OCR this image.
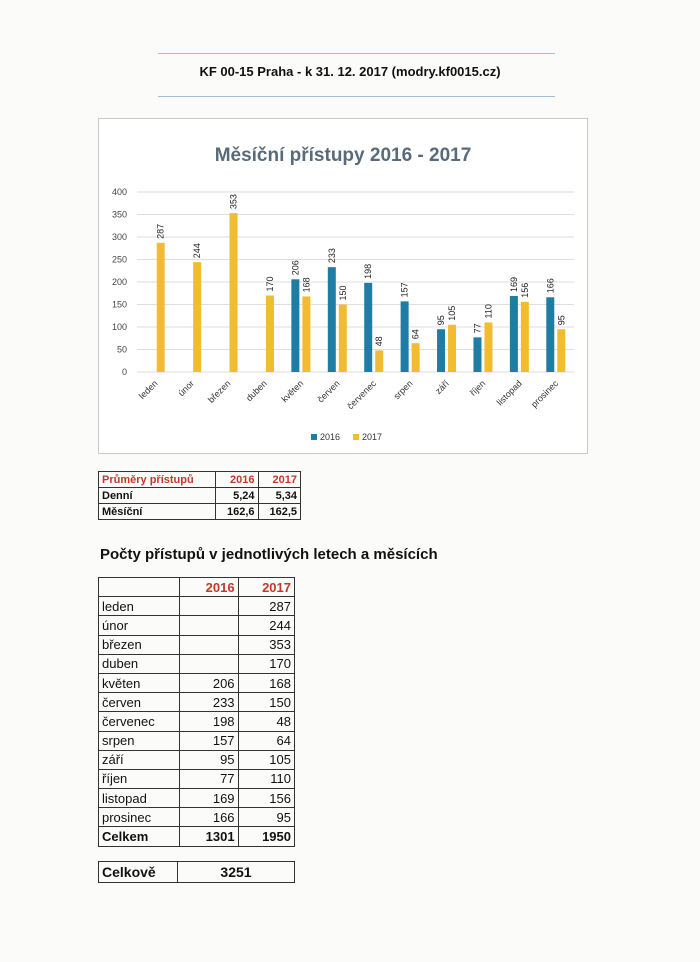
KF 00-15 Praha - k 31. 12. 2017 (modry.kf0015.cz)
Měsíční přístupy 2016 - 2017
0
50
100
150
200
250
300
350
400
287
leden
244
únor
353
březen
170
duben
206
168
květen
233
150
červen
198
48
červenec
157
64
srpen
95 105
září
77
110
říjen
169 156
listopad
166
95
prosinec
2016 2017
Průměry přístupů	2016	2017
Denní	5,24	5,34
Měsíční	162,6	162,5
Počty přístupů v jednotlivých letech a měsících
	2016	2017
leden		287
únor		244
březen		353
duben		170
květen	206	168
červen	233	150
červenec	198	48
srpen	157	64
září	95	105
říjen	77	110
listopad	169	156
prosinec	166	95
Celkem	1301	1950
Celkově	3251
